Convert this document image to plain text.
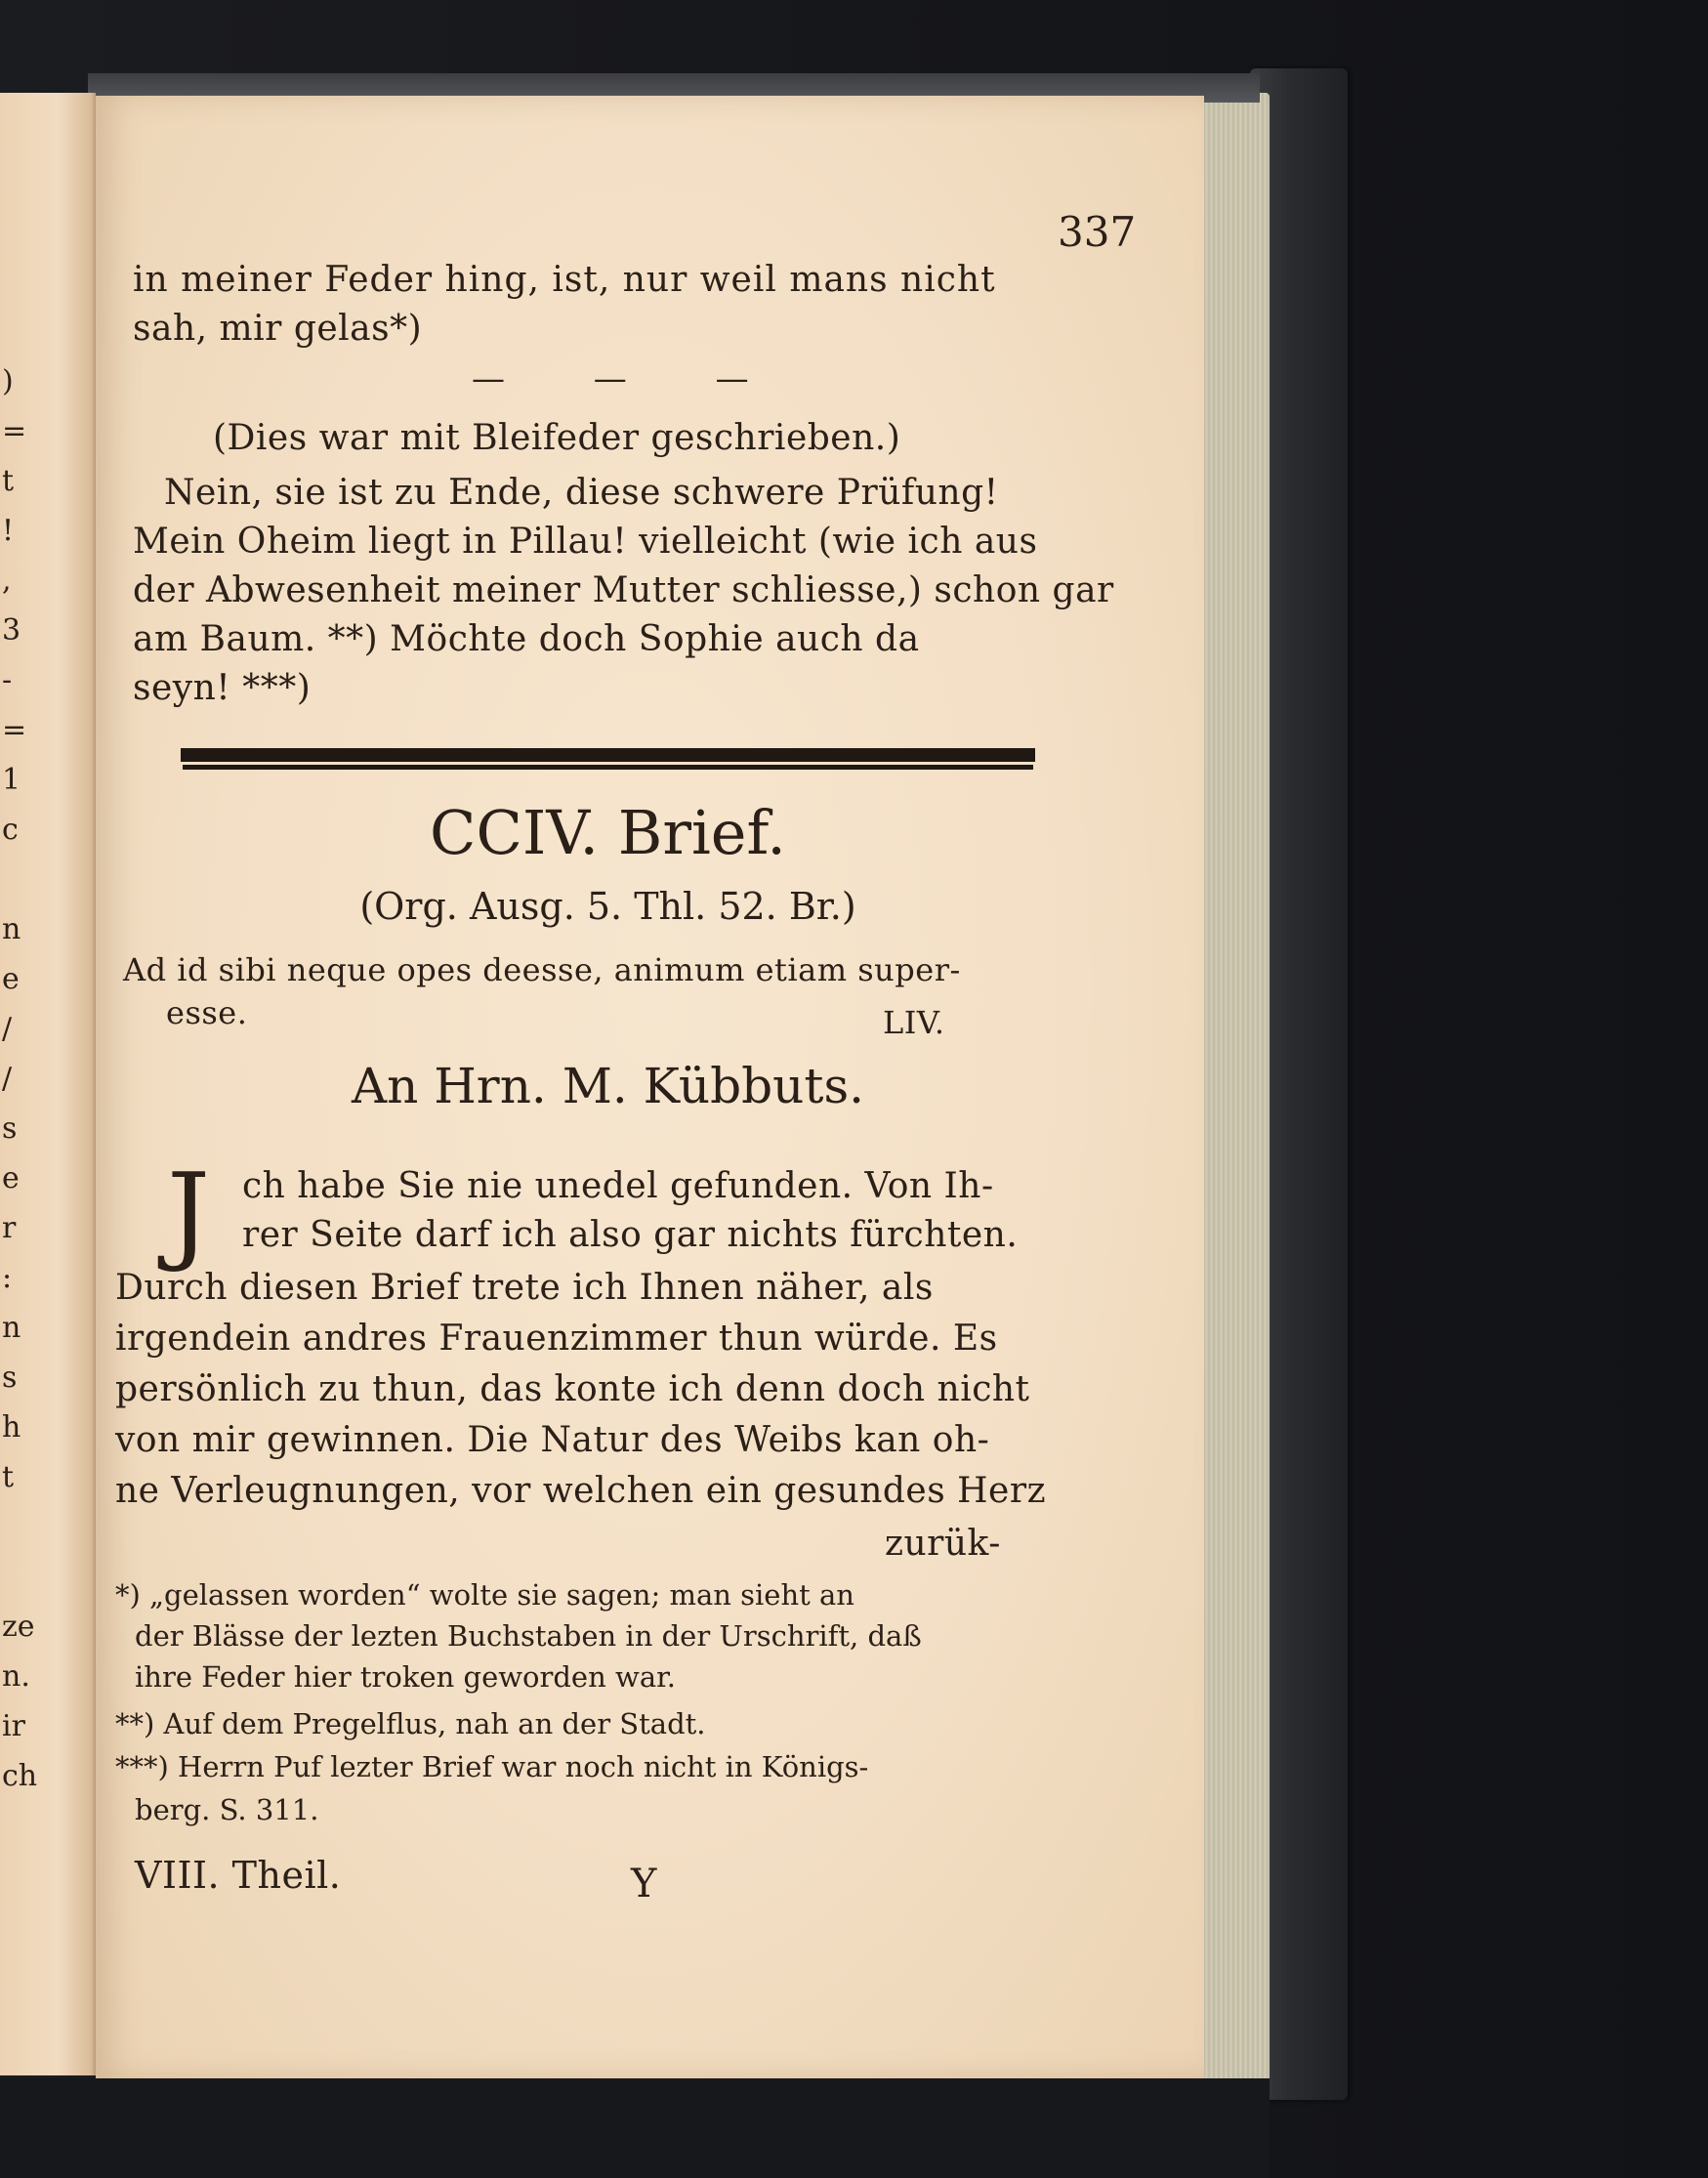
)
=
t
!
,
3
-
=
1
c
n
e
/
/
s
e
r
:
n
s
h
t
ze
n.
ir
ch
337
in meiner Feder hing, ist, nur weil mans nicht
sah, mir gelas*)
— — —
(Dies war mit Bleifeder geschrieben.)
Nein, sie ist zu Ende, diese schwere Prüfung!
Mein Oheim liegt in Pillau! vielleicht (wie ich aus
der Abwesenheit meiner Mutter schliesse,) schon gar
am Baum. **) Möchte doch Sophie auch da
seyn! ***)
CCIV. Brief.
(Org. Ausg. 5. Thl. 52. Br.)
Ad id sibi neque opes deesse, animum etiam super-
esse.	LIV.
An Hrn. M. Kübbuts.
J ch habe Sie nie unedel gefunden. Von Ih-
rer Seite darf ich also gar nichts fürchten.
Durch diesen Brief trete ich Ihnen näher, als
irgendein andres Frauenzimmer thun würde. Es
persönlich zu thun, das konte ich denn doch nicht
von mir gewinnen. Die Natur des Weibs kan oh-
ne Verleugnungen, vor welchen ein gesundes Herz
zurük-
*) „gelassen worden“ wolte sie sagen; man sieht an
der Blässe der lezten Buchstaben in der Urschrift, daß
ihre Feder hier troken geworden war.
**) Auf dem Pregelflus, nah an der Stadt.
***) Herrn Puf lezter Brief war noch nicht in Königs-
berg. S. 311.
VIII. Theil.	Y
